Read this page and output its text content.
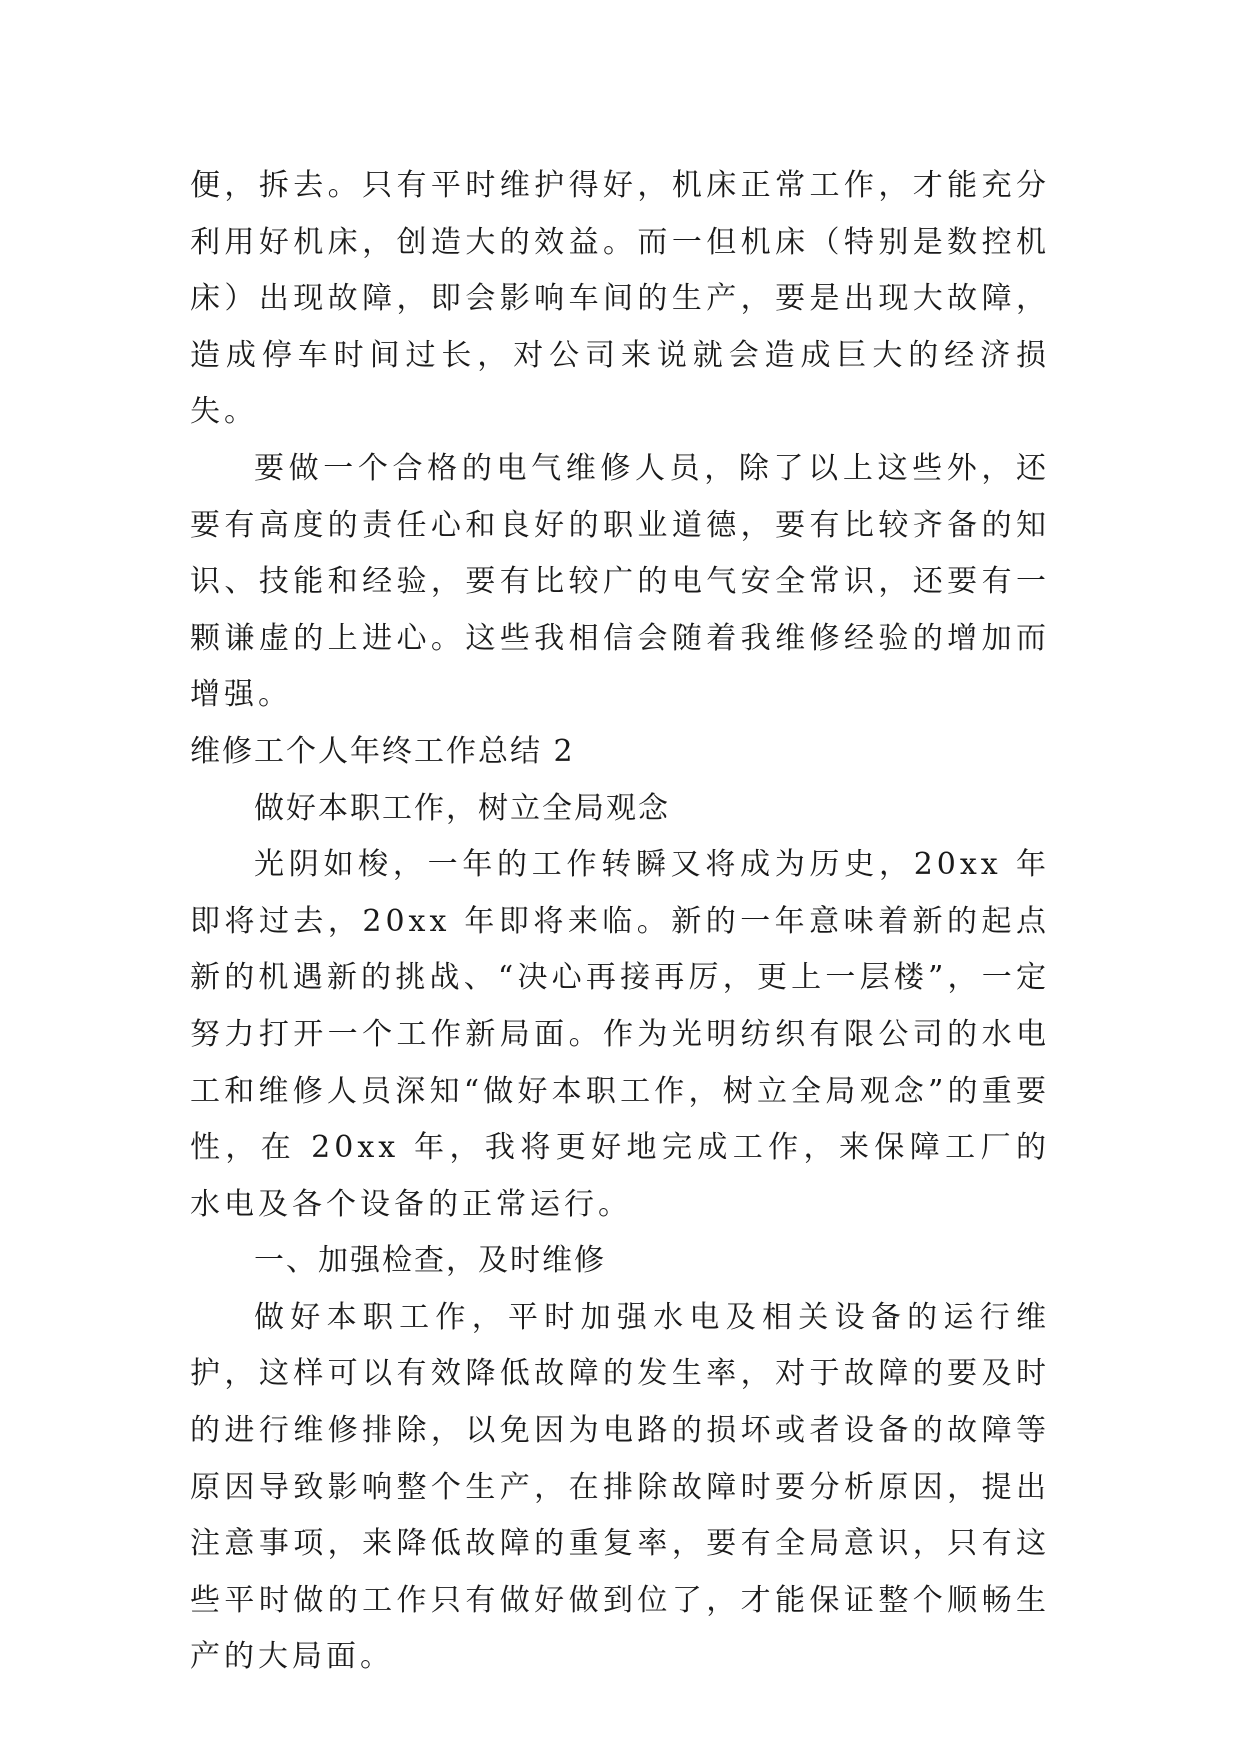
便，拆去。只有平时维护得好，机床正常工作，才能充分利用好机床，创造大的效益。而一但机床（特别是数控机床）出现故障，即会影响车间的生产，要是出现大故障，造成停车时间过长，对公司来说就会造成巨大的经济损失。

要做一个合格的电气维修人员，除了以上这些外，还要有高度的责任心和良好的职业道德，要有比较齐备的知识、技能和经验，要有比较广的电气安全常识，还要有一颗谦虚的上进心。这些我相信会随着我维修经验的增加而增强。

维修工个人年终工作总结 2

做好本职工作，树立全局观念

光阴如梭，一年的工作转瞬又将成为历史，20xx 年即将过去，20xx 年即将来临。新的一年意味着新的起点新的机遇新的挑战、“决心再接再厉，更上一层楼”，一定努力打开一个工作新局面。作为光明纺织有限公司的水电工和维修人员深知“做好本职工作，树立全局观念”的重要性，在 20xx 年，我将更好地完成工作，来保障工厂的水电及各个设备的正常运行。

一、加强检查，及时维修

做好本职工作，平时加强水电及相关设备的运行维护，这样可以有效降低故障的发生率，对于故障的要及时的进行维修排除，以免因为电路的损坏或者设备的故障等原因导致影响整个生产，在排除故障时要分析原因，提出注意事项，来降低故障的重复率，要有全局意识，只有这些平时做的工作只有做好做到位了，才能保证整个顺畅生产的大局面。
